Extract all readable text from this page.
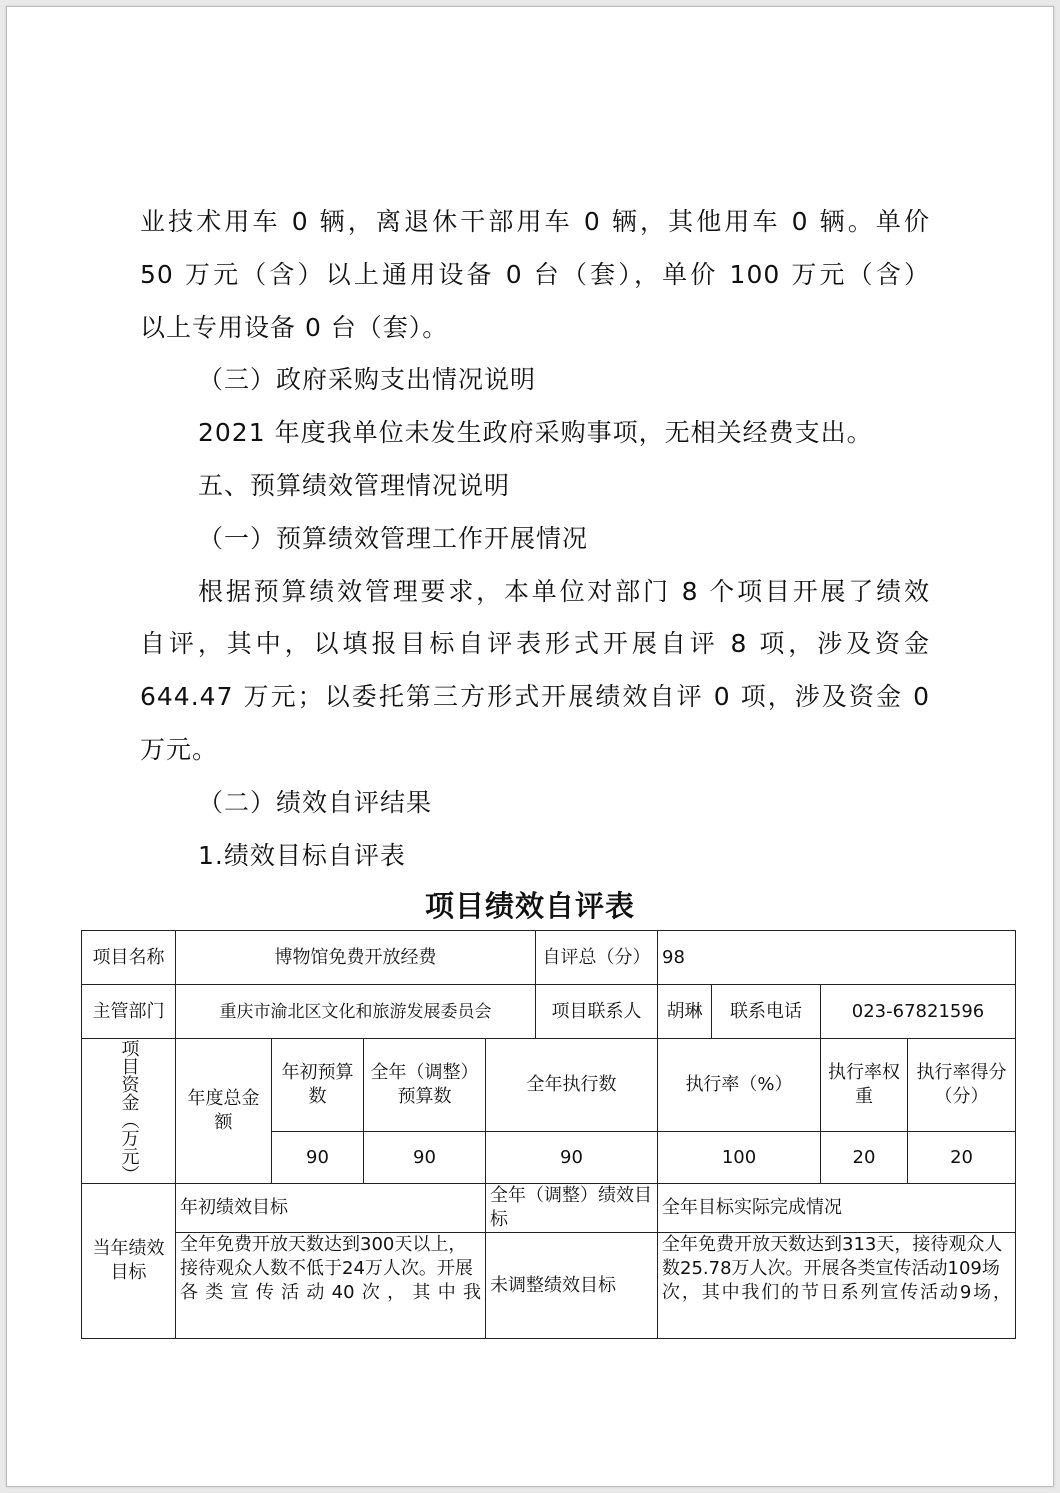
业技术用车 0 辆，离退休干部用车 0 辆，其他用车 0 辆。单价

50 万元（含）以上通用设备 0 台（套），单价 100 万元（含）

以上专用设备 0 台（套）。

（三）政府采购支出情况说明

2021 年度我单位未发生政府采购事项，无相关经费支出。

五、预算绩效管理情况说明

（一）预算绩效管理工作开展情况

根据预算绩效管理要求，本单位对部门 8 个项目开展了绩效

自评，其中，以填报目标自评表形式开展自评 8 项，涉及资金

644.47 万元；以委托第三方形式开展绩效自评 0 项，涉及资金 0

万元。

（二）绩效自评结果

1.绩效目标自评表

项目绩效自评表
项目名称	博物馆免费开放经费				自评总（分）	98			
主管部门	重庆市渝北区文化和旅游发展委员会				项目联系人	胡琳	联系电话	023-67821596	

项目资金（万元）	年度总金额	年初预算数	全年（调整）预算数	全年执行数		执行率（%）		执行率权重	执行率得分（分）
		90	90	90		100		20	20
当年绩效目标	年初绩效目标			全年（调整）绩效目标		全年目标实际完成情况			
	全年免费开放天数达到300天以上，接待观众人数不低于24万人次。开展各类宣传活动40次，其中我			未调整绩效目标		全年免费开放天数达到313天，接待观众人数25.78万人次。开展各类宣传活动109场次，其中我们的节日系列宣传活动9场，			
